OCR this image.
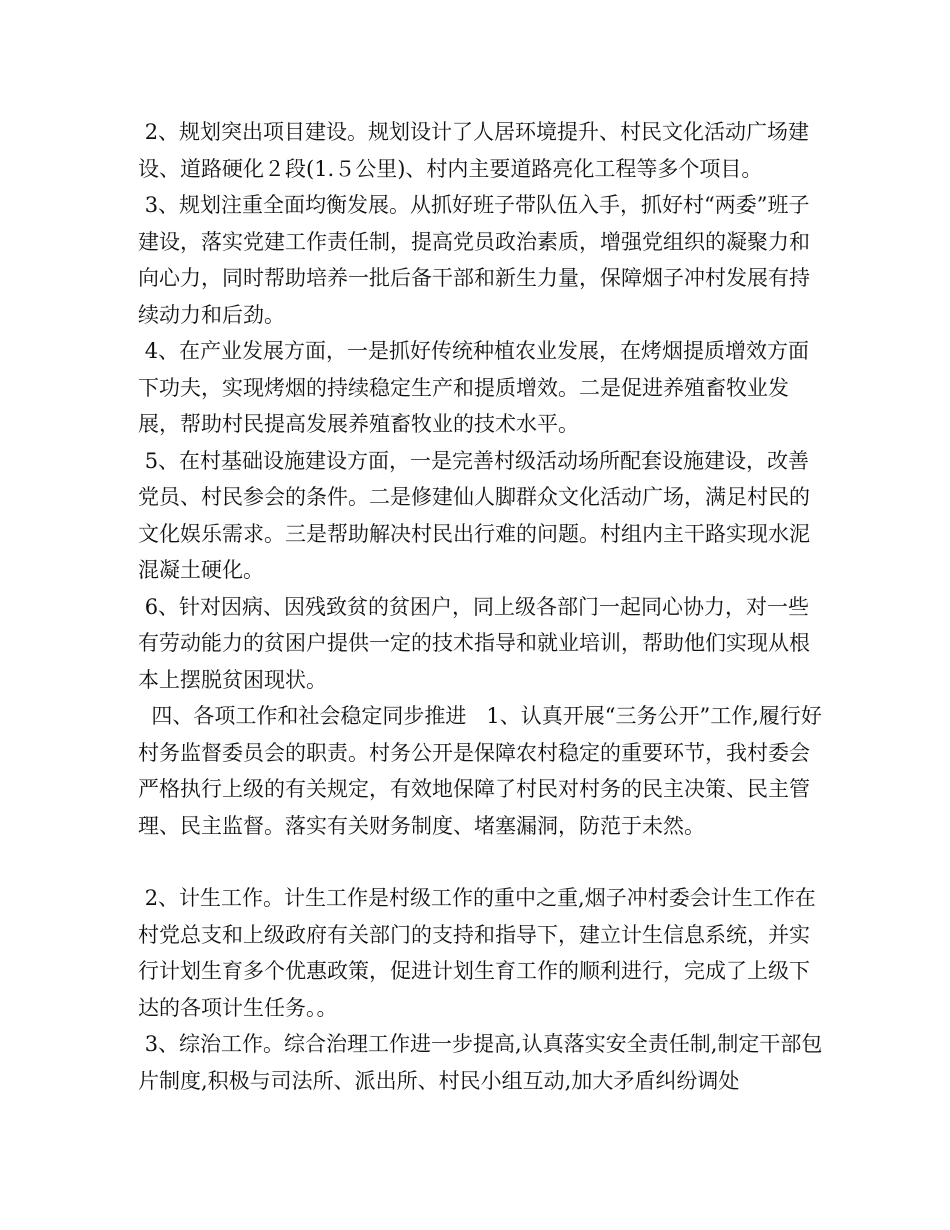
2、规划突出项目建设。规划设计了人居环境提升、村民文化活动广场建设、道路硬化２段(1.５公里)、村内主要道路亮化工程等多个项目。

3、规划注重全面均衡发展。从抓好班子带队伍入手，抓好村“两委”班子建设，落实党建工作责任制，提高党员政治素质，增强党组织的凝聚力和向心力，同时帮助培养一批后备干部和新生力量，保障烟子冲村发展有持续动力和后劲。

4、在产业发展方面，一是抓好传统种植农业发展，在烤烟提质增效方面下功夫，实现烤烟的持续稳定生产和提质增效。二是促进养殖畜牧业发展，帮助村民提高发展养殖畜牧业的技术水平。

5、在村基础设施建设方面，一是完善村级活动场所配套设施建设，改善党员、村民参会的条件。二是修建仙人脚群众文化活动广场，满足村民的文化娱乐需求。三是帮助解决村民出行难的问题。村组内主干路实现水泥混凝土硬化。

6、针对因病、因残致贫的贫困户，同上级各部门一起同心协力，对一些有劳动能力的贫困户提供一定的技术指导和就业培训，帮助他们实现从根本上摆脱贫困现状。

四、各项工作和社会稳定同步推进   1、认真开展“三务公开”工作,履行好村务监督委员会的职责。村务公开是保障农村稳定的重要环节，我村委会严格执行上级的有关规定，有效地保障了村民对村务的民主决策、民主管理、民主监督。落实有关财务制度、堵塞漏洞，防范于未然。

2、计生工作。计生工作是村级工作的重中之重,烟子冲村委会计生工作在村党总支和上级政府有关部门的支持和指导下，建立计生信息系统，并实行计划生育多个优惠政策，促进计划生育工作的顺利进行，完成了上级下达的各项计生任务。。

3、综治工作。综合治理工作进一步提高,认真落实安全责任制,制定干部包片制度,积极与司法所、派出所、村民小组互动,加大矛盾纠纷调处
